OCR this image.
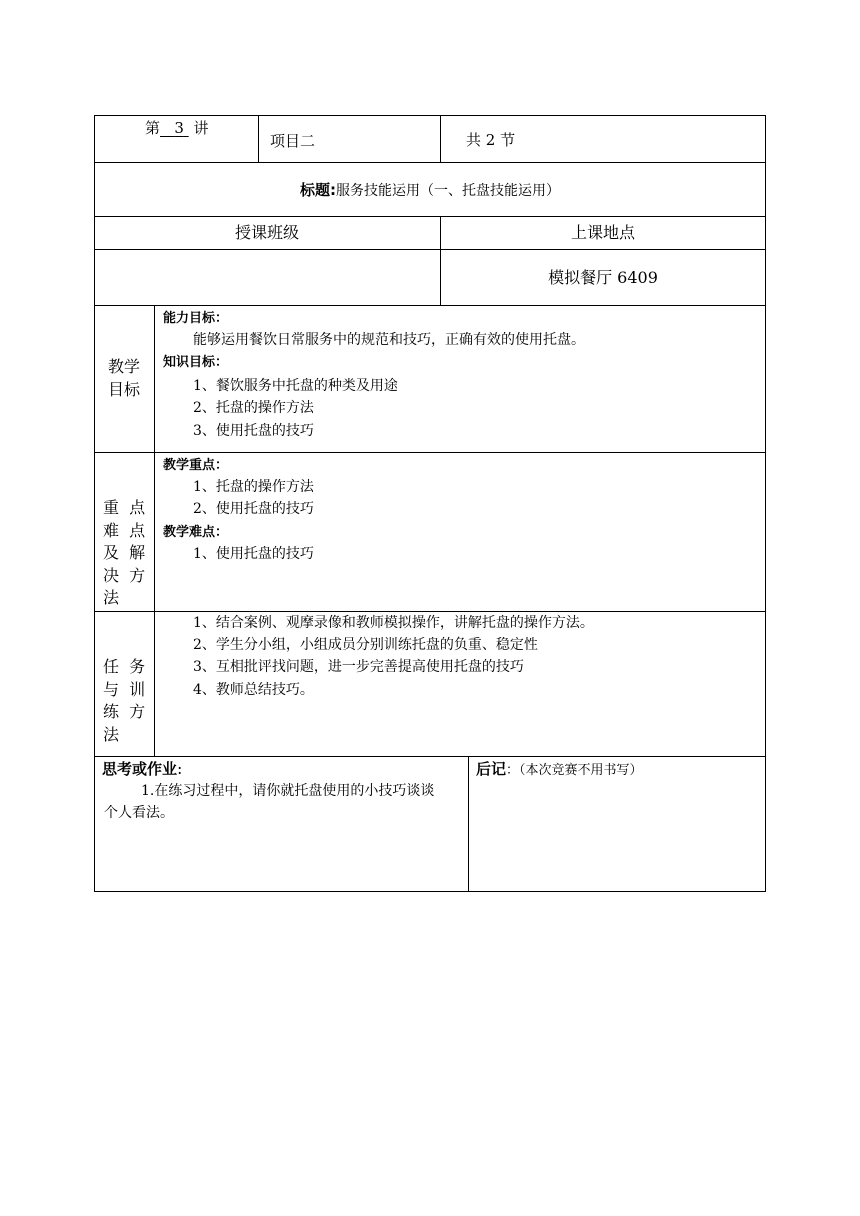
第 3 讲
项目二	共 2 节
标题:服务技能运用（一、托盘技能运用）
授课班级	上课地点
模拟餐厅 6409
教学
目标
能力目标：
能够运用餐饮日常服务中的规范和技巧，正确有效的使用托盘。
知识目标：
1、餐饮服务中托盘的种类及用途
2、托盘的操作方法
3、使用托盘的技巧
重  点
难  点
及  解
决  方
法
教学重点：
1、托盘的操作方法
2、使用托盘的技巧
教学难点：
1、使用托盘的技巧
任  务
与  训
练  方
法
1、结合案例、观摩录像和教师模拟操作，讲解托盘的操作方法。
2、学生分小组，小组成员分别训练托盘的负重、稳定性
3、互相批评找问题，进一步完善提高使用托盘的技巧
4、教师总结技巧。
思考或作业:
1.在练习过程中，请你就托盘使用的小技巧谈谈
个人看法。
后记：（本次竞赛不用书写）
